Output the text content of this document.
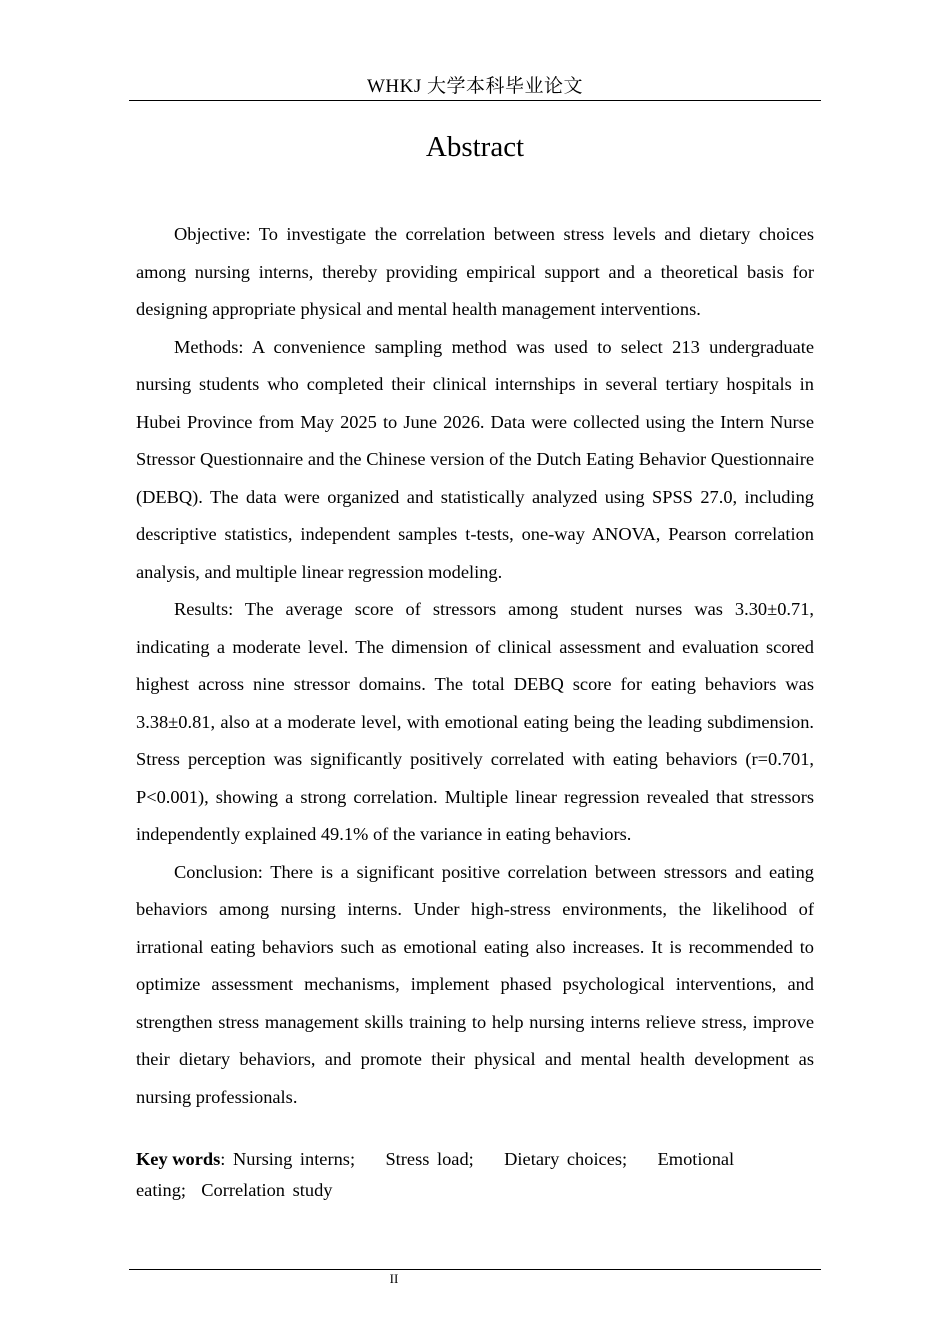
WHKJ 大学本科毕业论文
Abstract

Objective: To investigate the correlation between stress levels and dietary choices among nursing interns, thereby providing empirical support and a theoretical basis for designing appropriate physical and mental health management interventions.

Methods: A convenience sampling method was used to select 213 undergraduate nursing students who completed their clinical internships in several tertiary hospitals in Hubei Province from May 2025 to June 2026. Data were collected using the Intern Nurse Stressor Questionnaire and the Chinese version of the Dutch Eating Behavior Questionnaire (DEBQ). The data were organized and statistically analyzed using SPSS 27.0, including descriptive statistics, independent samples t-tests, one-way ANOVA, Pearson correlation analysis, and multiple linear regression modeling.

Results: The average score of stressors among student nurses was 3.30±0.71, indicating a moderate level. The dimension of clinical assessment and evaluation scored highest across nine stressor domains. The total DEBQ score for eating behaviors was 3.38±0.81, also at a moderate level, with emotional eating being the leading subdimension. Stress perception was significantly positively correlated with eating behaviors (r=0.701, P<0.001), showing a strong correlation. Multiple linear regression revealed that stressors independently explained 49.1% of the variance in eating behaviors.

Conclusion: There is a significant positive correlation between stressors and eating behaviors among nursing interns. Under high-stress environments, the likelihood of irrational eating behaviors such as emotional eating also increases. It is recommended to optimize assessment mechanisms, implement phased psychological interventions, and strengthen stress management skills training to help nursing interns relieve stress, improve their dietary behaviors, and promote their physical and mental health development as nursing professionals.

Key words: Nursing interns; Stress load; Dietary choices; Emotional eating; Correlation study
II
